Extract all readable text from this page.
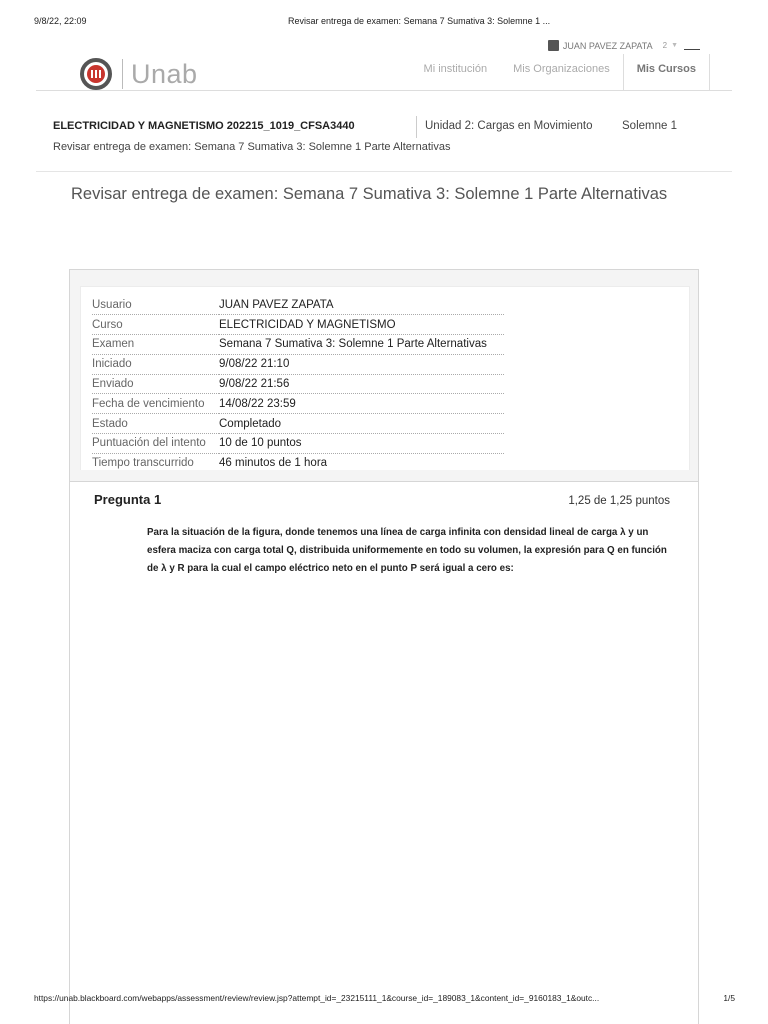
9/8/22, 22:09	Revisar entrega de examen: Semana 7 Sumativa 3: Solemne 1 ...
JUAN PAVEZ ZAPATA 2 ▼
Unab	Mi institución	Mis Organizaciones	Mis Cursos
ELECTRICIDAD Y MAGNETISMO 202215_1019_CFSA3440	Unidad 2: Cargas en Movimiento	Solemne 1
Revisar entrega de examen: Semana 7 Sumativa 3: Solemne 1 Parte Alternativas
Revisar entrega de examen: Semana 7 Sumativa 3: Solemne 1 Parte Alternativas
Usuario	JUAN PAVEZ ZAPATA
Curso	ELECTRICIDAD Y MAGNETISMO
Examen	Semana 7 Sumativa 3: Solemne 1 Parte Alternativas
Iniciado	9/08/22 21:10
Enviado	9/08/22 21:56
Fecha de vencimiento	14/08/22 23:59
Estado	Completado
Puntuación del intento	10 de 10 puntos
Tiempo transcurrido	46 minutos de 1 hora
Pregunta 1	1,25 de 1,25 puntos
Para la situación de la figura, donde tenemos una línea de carga infinita con densidad lineal de carga λ y un esfera maciza con carga total Q, distribuida uniformemente en todo su volumen, la expresión para Q en función de λ y R para la cual el campo eléctrico neto en el punto P será igual a cero es:
https://unab.blackboard.com/webapps/assessment/review/review.jsp?attempt_id=_23215111_1&course_id=_189083_1&content_id=_9160183_1&outc...	1/5
